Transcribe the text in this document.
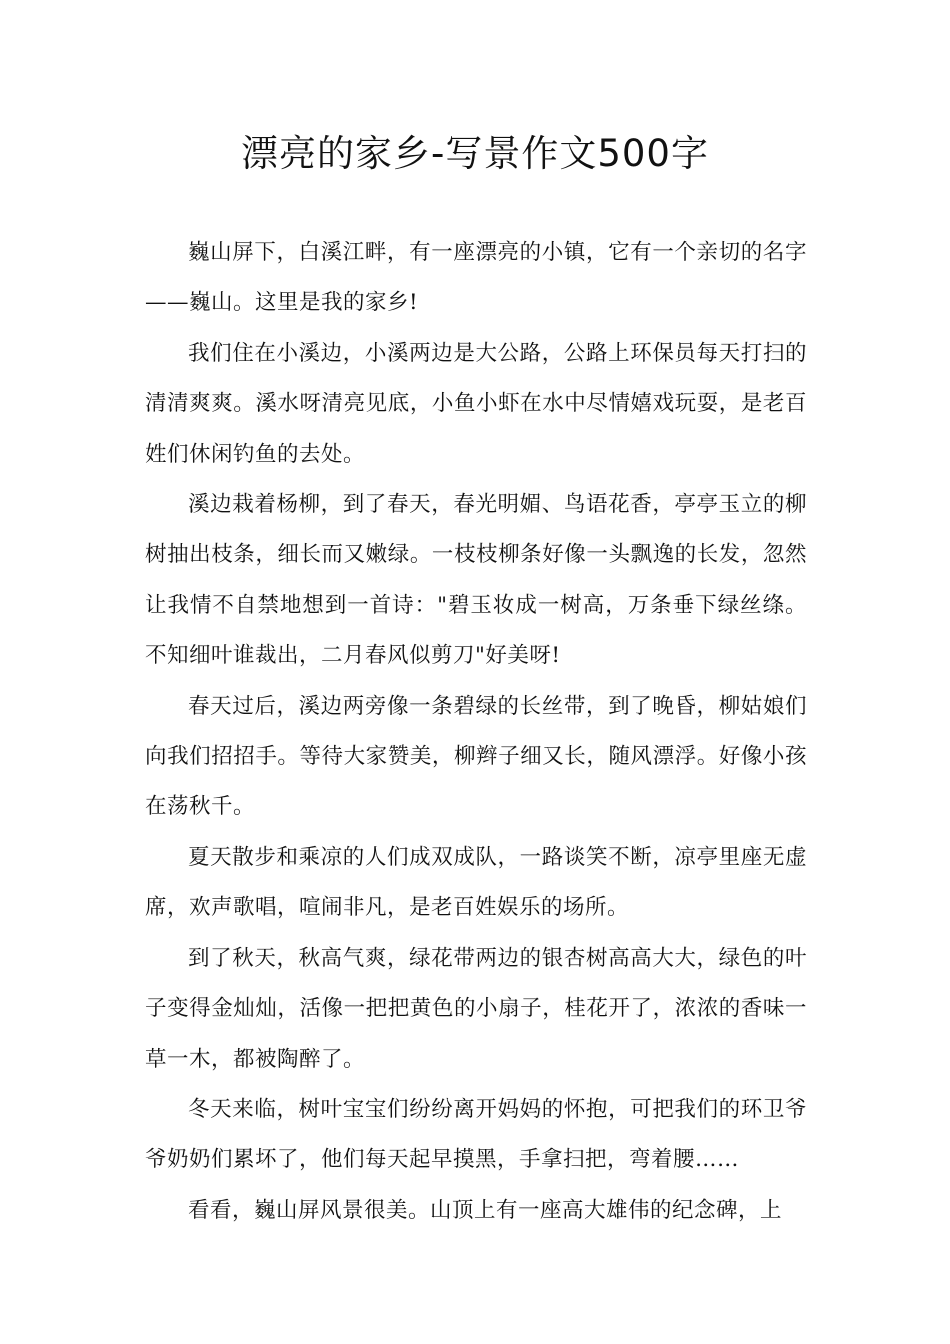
漂亮的家乡-写景作文500字

巍山屏下，白溪江畔，有一座漂亮的小镇，它有一个亲切的名字——巍山。这里是我的家乡!

我们住在小溪边，小溪两边是大公路，公路上环保员每天打扫的清清爽爽。溪水呀清亮见底，小鱼小虾在水中尽情嬉戏玩耍，是老百姓们休闲钓鱼的去处。

溪边栽着杨柳，到了春天，春光明媚、鸟语花香，亭亭玉立的柳树抽出枝条，细长而又嫩绿。一枝枝柳条好像一头飘逸的长发，忽然让我情不自禁地想到一首诗："碧玉妆成一树高，万条垂下绿丝绦。不知细叶谁裁出，二月春风似剪刀"好美呀!

春天过后，溪边两旁像一条碧绿的长丝带，到了晚昏，柳姑娘们向我们招招手。等待大家赞美，柳辫子细又长，随风漂浮。好像小孩在荡秋千。

夏天散步和乘凉的人们成双成队，一路谈笑不断，凉亭里座无虚席，欢声歌唱，喧闹非凡，是老百姓娱乐的场所。

到了秋天，秋高气爽，绿花带两边的银杏树高高大大，绿色的叶子变得金灿灿，活像一把把黄色的小扇子，桂花开了，浓浓的香味一草一木，都被陶醉了。

冬天来临，树叶宝宝们纷纷离开妈妈的怀抱，可把我们的环卫爷爷奶奶们累坏了，他们每天起早摸黑，手拿扫把，弯着腰……

看看，巍山屏风景很美。山顶上有一座高大雄伟的纪念碑，上
